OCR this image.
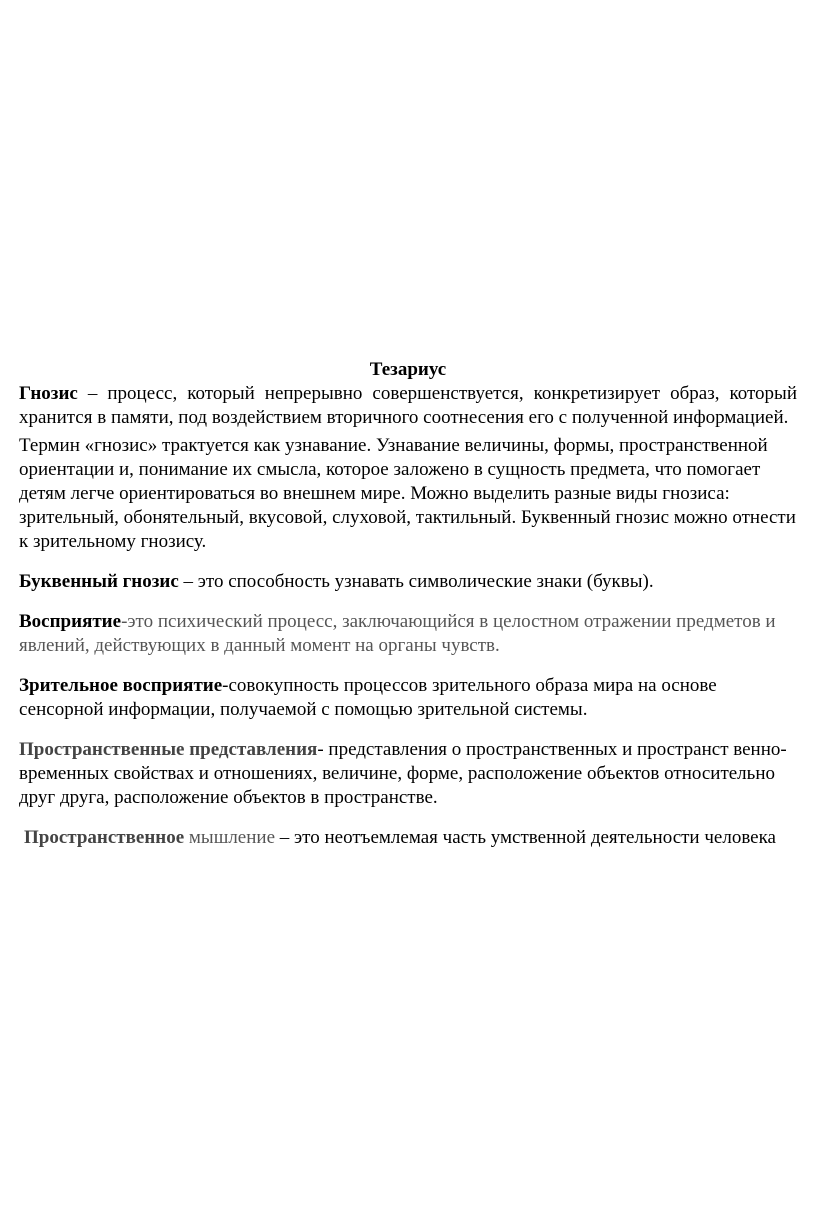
Тезариус

Гнозис – процесс, который непрерывно совершенствуется, конкретизирует образ, который хранится в памяти, под воздействием вторичного соотнесения его с полученной информацией.

Термин «гнозис» трактуется как узнавание. Узнавание величины, формы, пространственной ориентации и, понимание их смысла, которое заложено в сущность предмета, что помогает детям легче ориентироваться во внешнем мире. Можно выделить разные виды гнозиса: зрительный, обонятельный, вкусовой, слуховой, тактильный. Буквенный гнозис можно отнести к зрительному гнозису.

Буквенный гнозис – это способность узнавать символические знаки (буквы).

Восприятие-это психический процесс, заключающийся в целостном отражении предметов и явлений, действующих в данный момент на органы чувств.

Зрительное восприятие-совокупность процессов зрительного образа мира на основе сенсорной информации, получаемой с помощью зрительной системы.

Пространственные представления- представления о пространственных и пространст венно-временных свойствах и отношениях, величине, форме, расположение объектов относительно друг друга, расположение объектов в пространстве.

Пространственное мышление – это неотъемлемая часть умственной деятельности человека
